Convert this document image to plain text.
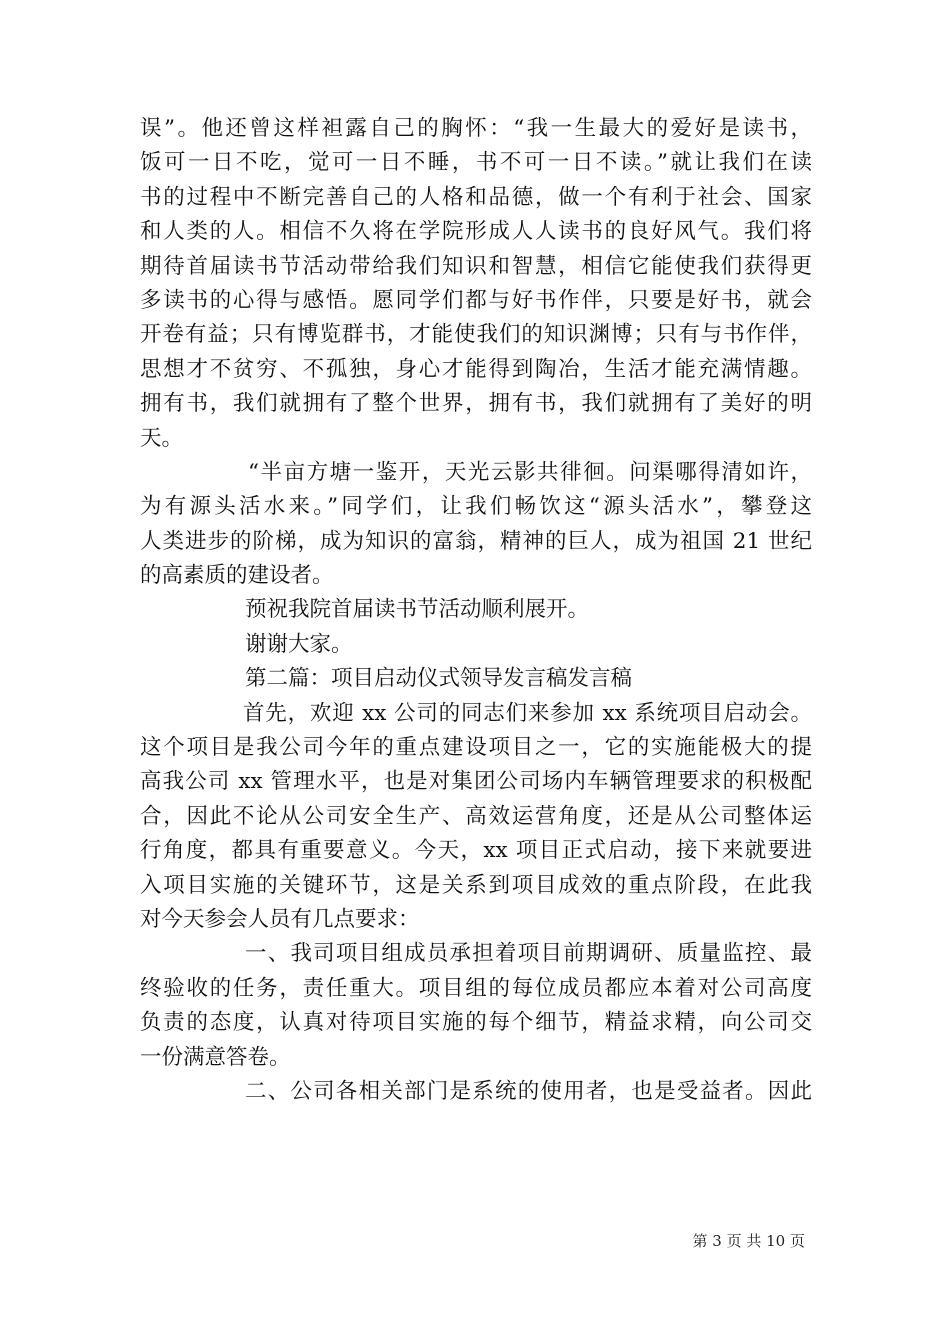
误”。他还曾这样袒露自己的胸怀：“我一生最大的爱好是读书，
饭可一日不吃，觉可一日不睡，书不可一日不读。”就让我们在读
书的过程中不断完善自己的人格和品德，做一个有利于社会、国家
和人类的人。相信不久将在学院形成人人读书的良好风气。我们将
期待首届读书节活动带给我们知识和智慧，相信它能使我们获得更
多读书的心得与感悟。愿同学们都与好书作伴，只要是好书，就会
开卷有益；只有博览群书，才能使我们的知识渊博；只有与书作伴，
思想才不贫穷、不孤独，身心才能得到陶冶，生活才能充满情趣。
拥有书，我们就拥有了整个世界，拥有书，我们就拥有了美好的明
天。
“半亩方塘一鉴开，天光云影共徘徊。问渠哪得清如许，
为有源头活水来。”同学们，让我们畅饮这“源头活水”，攀登这
人类进步的阶梯，成为知识的富翁，精神的巨人，成为祖国 21 世纪
的高素质的建设者。
预祝我院首届读书节活动顺利展开。
谢谢大家。
第二篇：项目启动仪式领导发言稿发言稿
首先，欢迎 xx 公司的同志们来参加 xx 系统项目启动会。
这个项目是我公司今年的重点建设项目之一，它的实施能极大的提
高我公司 xx 管理水平，也是对集团公司场内车辆管理要求的积极配
合，因此不论从公司安全生产、高效运营角度，还是从公司整体运
行角度，都具有重要意义。今天，xx 项目正式启动，接下来就要进
入项目实施的关键环节，这是关系到项目成效的重点阶段，在此我
对今天参会人员有几点要求：
一、我司项目组成员承担着项目前期调研、质量监控、最
终验收的任务，责任重大。项目组的每位成员都应本着对公司高度
负责的态度，认真对待项目实施的每个细节，精益求精，向公司交
一份满意答卷。
二、公司各相关部门是系统的使用者，也是受益者。因此
第 3 页 共 10 页
